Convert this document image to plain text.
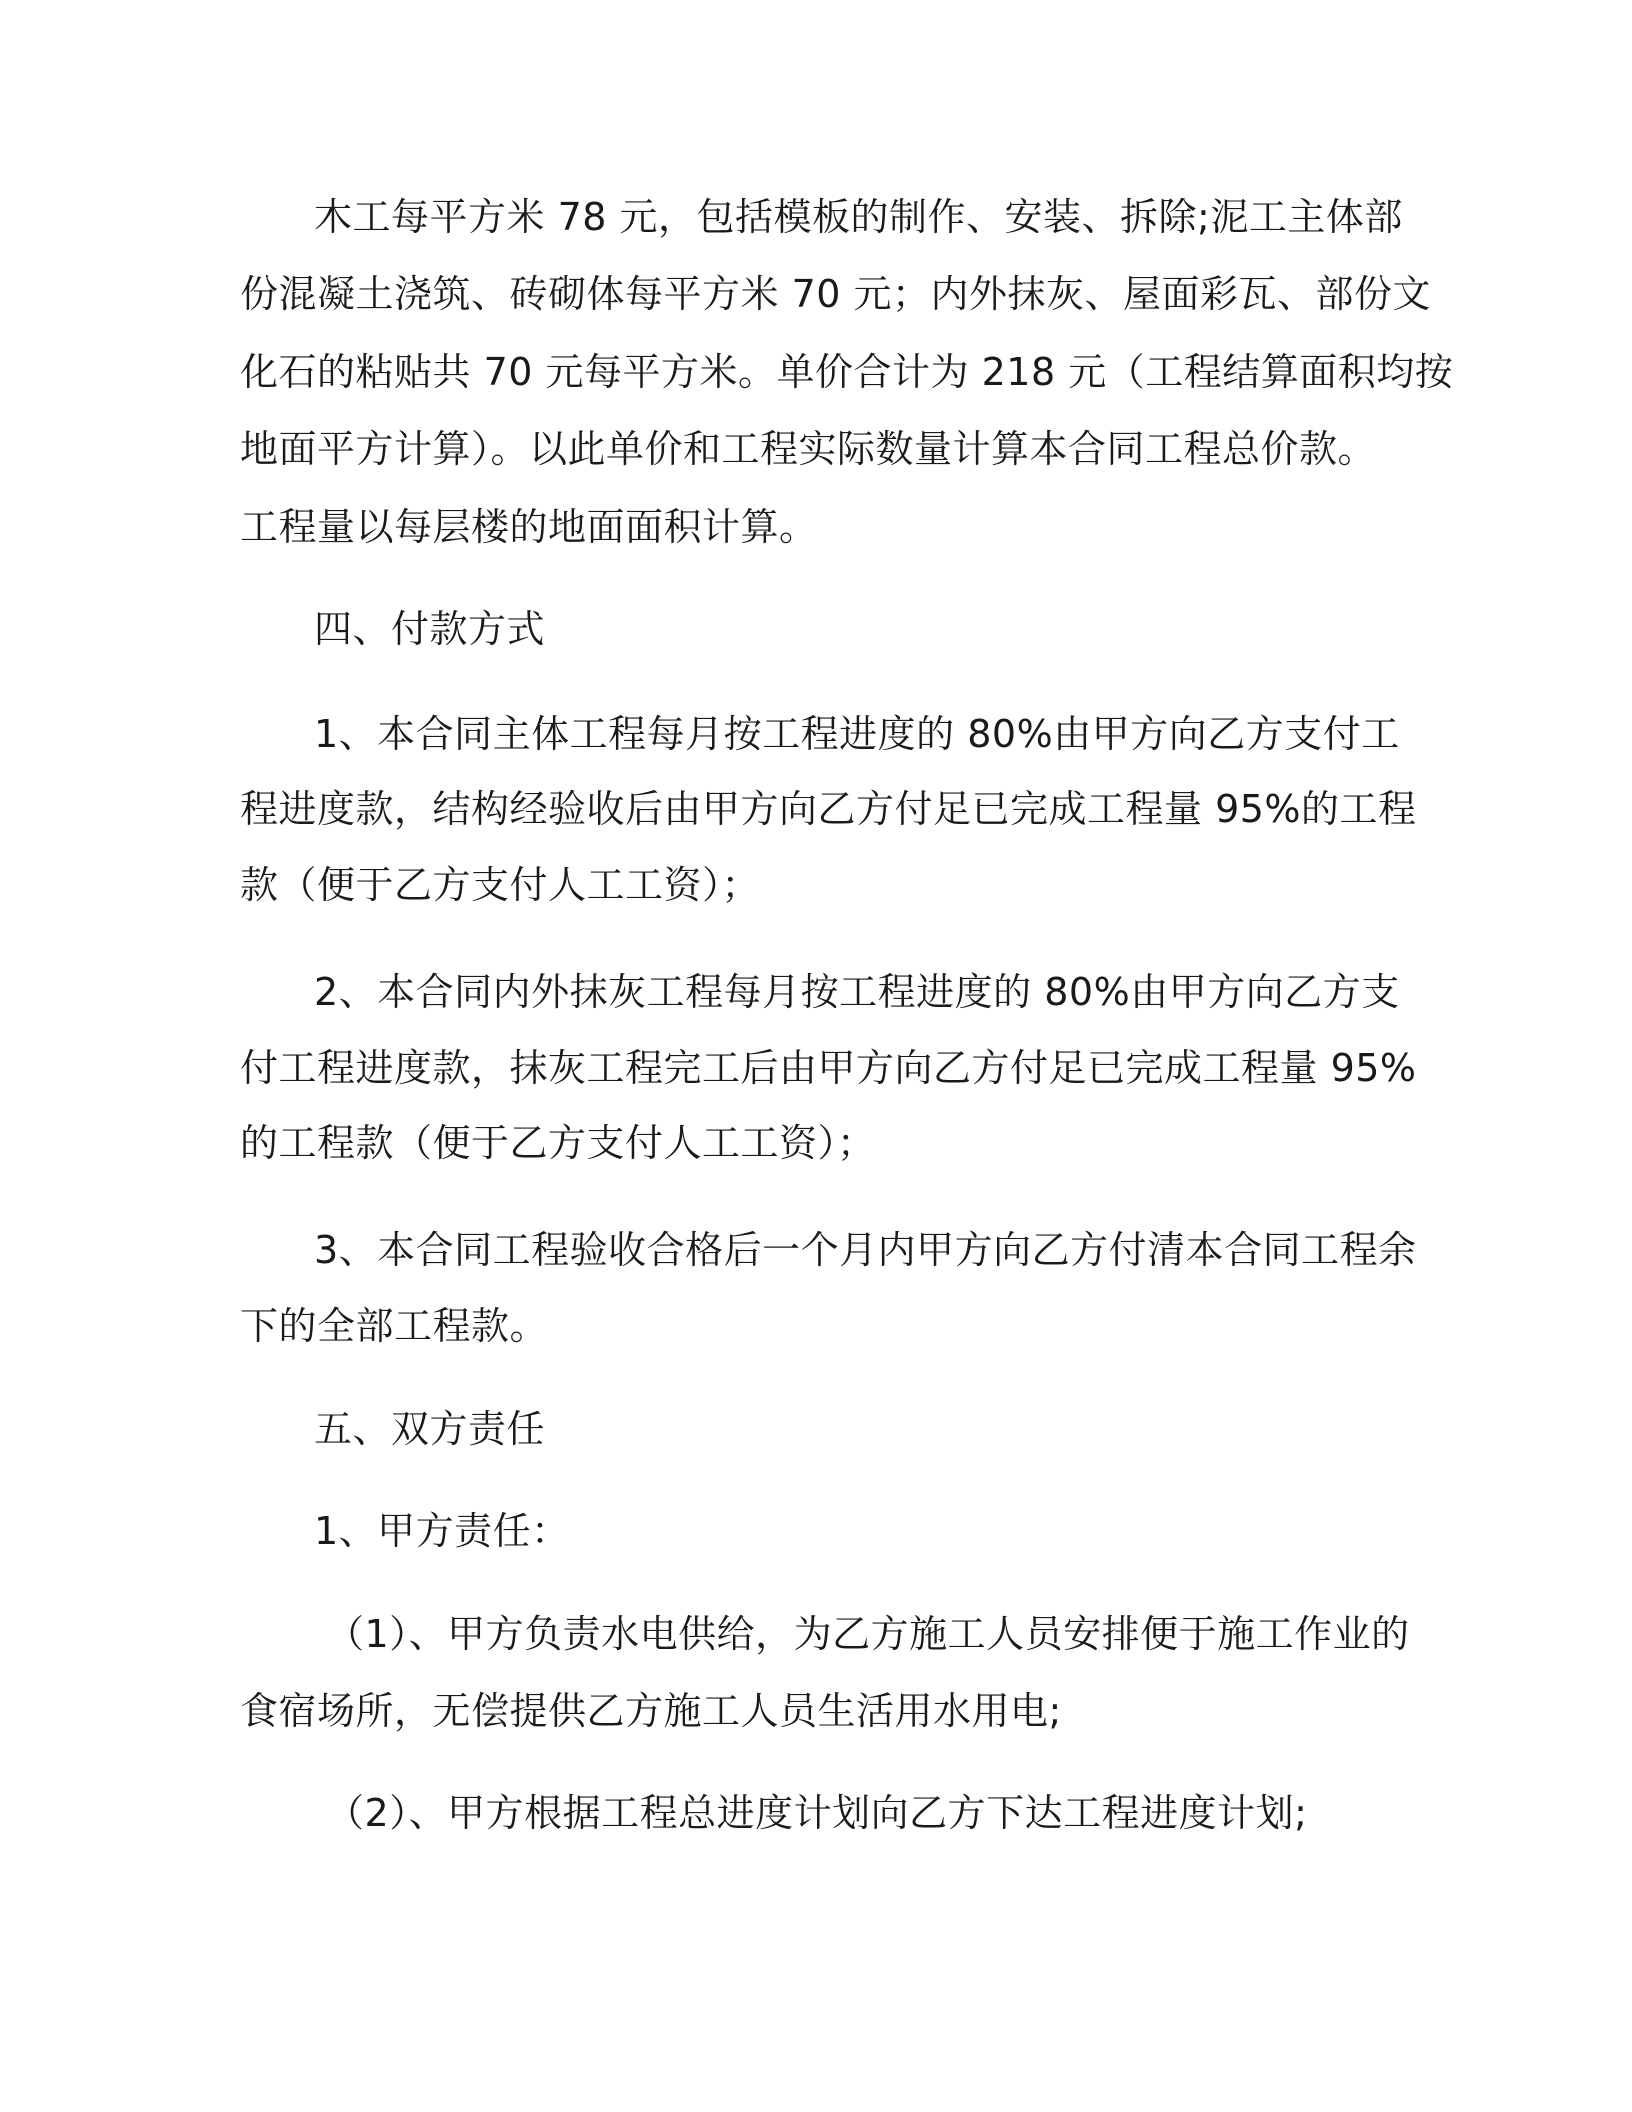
木工每平方米 78 元，包括模板的制作、安装、拆除;泥工主体部
份混凝土浇筑、砖砌体每平方米 70 元；内外抹灰、屋面彩瓦、部份文
化石的粘贴共 70 元每平方米。单价合计为 218 元（工程结算面积均按
地面平方计算）。以此单价和工程实际数量计算本合同工程总价款。
工程量以每层楼的地面面积计算。
四、付款方式
1、本合同主体工程每月按工程进度的 80%由甲方向乙方支付工
程进度款，结构经验收后由甲方向乙方付足已完成工程量 95%的工程
款（便于乙方支付人工工资）；
2、本合同内外抹灰工程每月按工程进度的 80%由甲方向乙方支
付工程进度款，抹灰工程完工后由甲方向乙方付足已完成工程量 95%
的工程款（便于乙方支付人工工资）；
3、本合同工程验收合格后一个月内甲方向乙方付清本合同工程余
下的全部工程款。
五、双方责任
1、甲方责任：
（1）、甲方负责水电供给，为乙方施工人员安排便于施工作业的
食宿场所，无偿提供乙方施工人员生活用水用电;
（2）、甲方根据工程总进度计划向乙方下达工程进度计划;
